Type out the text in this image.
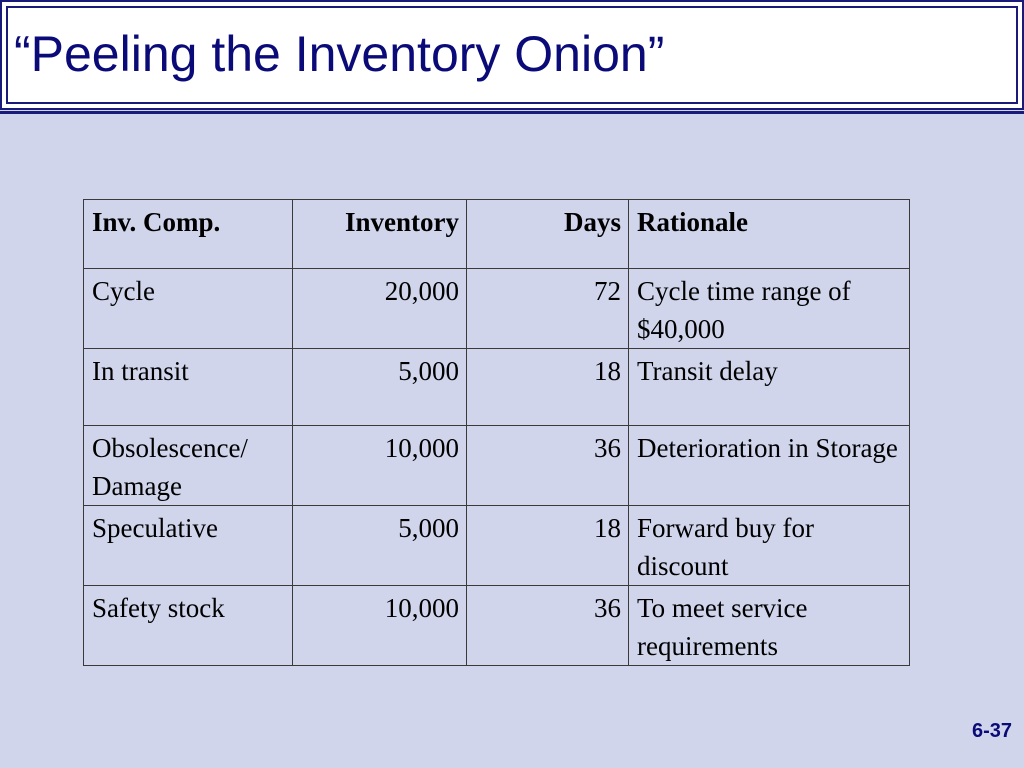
“Peeling the Inventory Onion”
Inv. Comp.	Inventory	Days	Rationale
Cycle	20,000	72	Cycle time range of $40,000
In transit	5,000	18	Transit delay
Obsolescence/ Damage	10,000	36	Deterioration in Storage
Speculative	5,000	18	Forward buy for discount
Safety stock	10,000	36	To meet service requirements
6-37
